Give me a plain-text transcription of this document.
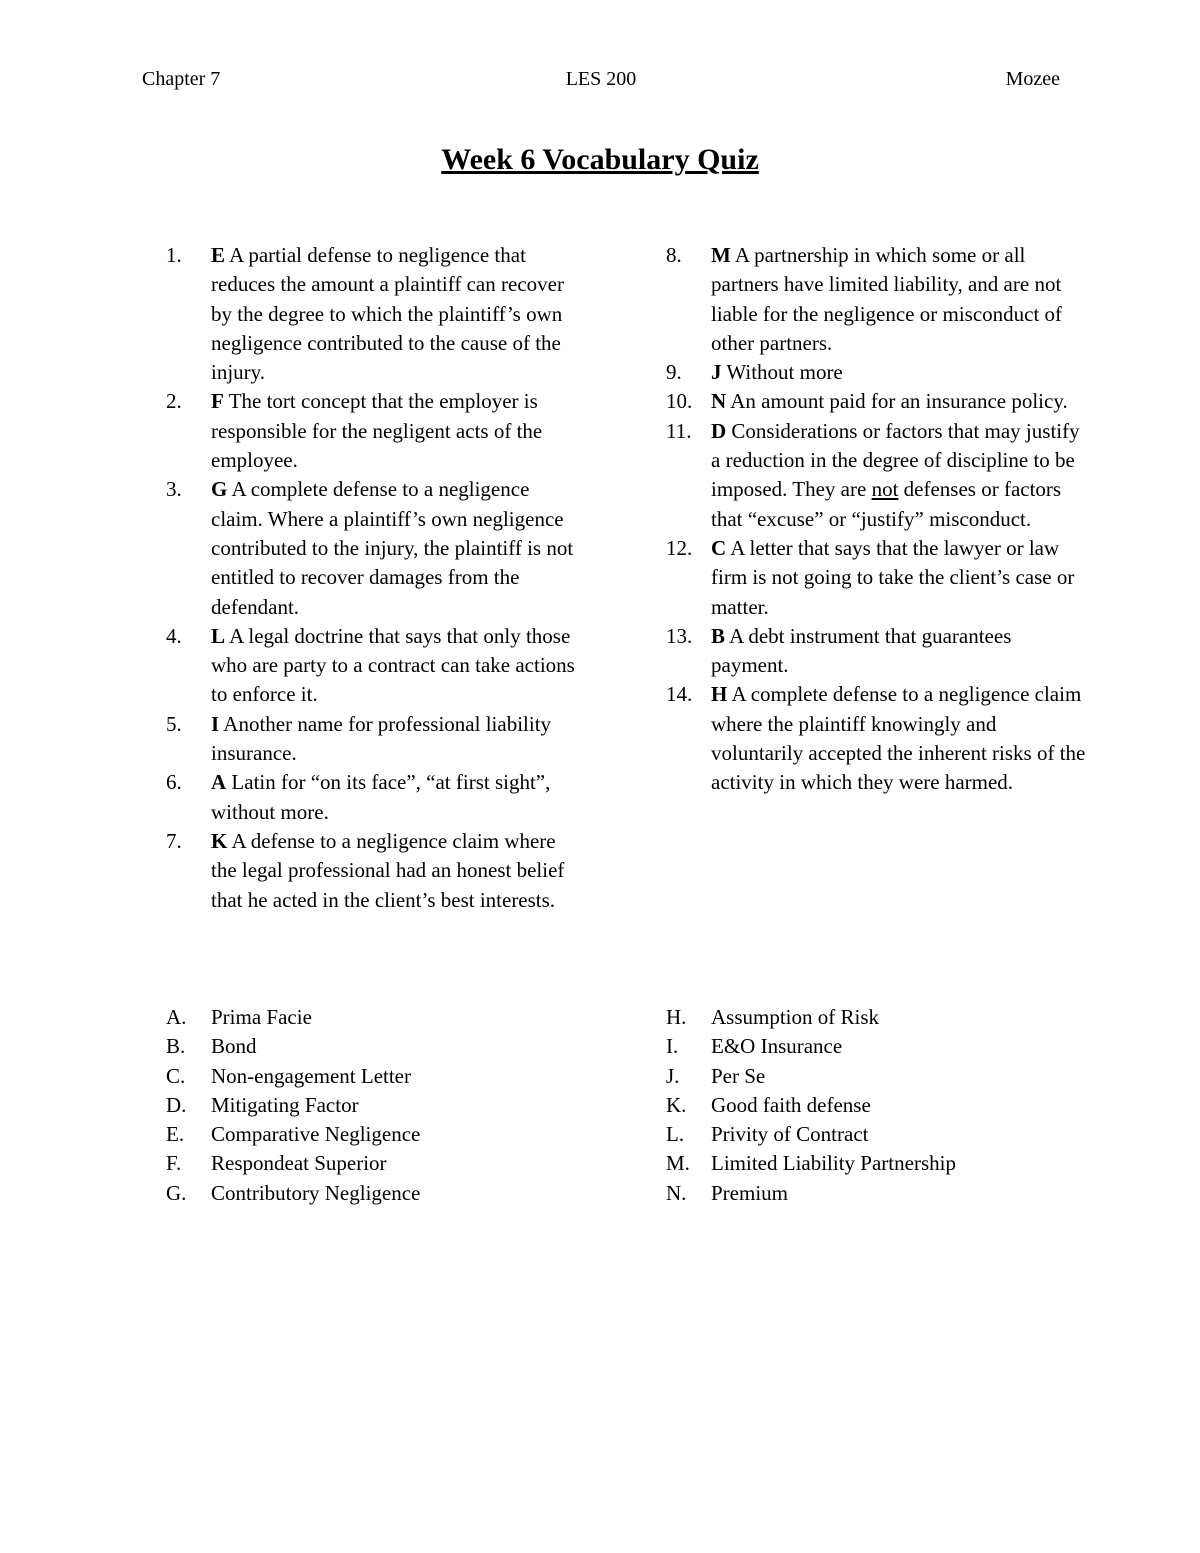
Chapter 7	LES 200	Mozee
Week 6 Vocabulary Quiz
1.	E A partial defense to negligence that reduces the amount a plaintiff can recover by the degree to which the plaintiff’s own negligence contributed to the cause of the injury.
2.	F The tort concept that the employer is responsible for the negligent acts of the employee.
3.	G A complete defense to a negligence claim. Where a plaintiff’s own negligence contributed to the injury, the plaintiff is not entitled to recover damages from the defendant.
4.	L A legal doctrine that says that only those who are party to a contract can take actions to enforce it.
5.	I Another name for professional liability insurance.
6.	A Latin for “on its face”, “at first sight”, without more.
7.	K A defense to a negligence claim where the legal professional had an honest belief that he acted in the client’s best interests.
8.	M A partnership in which some or all partners have limited liability, and are not liable for the negligence or misconduct of other partners.
9.	J Without more
10. N An amount paid for an insurance policy.
11. D Considerations or factors that may justify a reduction in the degree of discipline to be imposed. They are not defenses or factors that “excuse” or “justify” misconduct.
12. C A letter that says that the lawyer or law firm is not going to take the client’s case or matter.
13. B A debt instrument that guarantees payment.
14. H A complete defense to a negligence claim where the plaintiff knowingly and voluntarily accepted the inherent risks of the activity in which they were harmed.
A.	Prima Facie
B.	Bond
C.	Non-engagement Letter
D.	Mitigating Factor
E.	Comparative Negligence
F.	Respondeat Superior
G.	Contributory Negligence
H.	Assumption of Risk
I.	E&O Insurance
J.	Per Se
K.	Good faith defense
L.	Privity of Contract
M.	Limited Liability Partnership
N.	Premium
